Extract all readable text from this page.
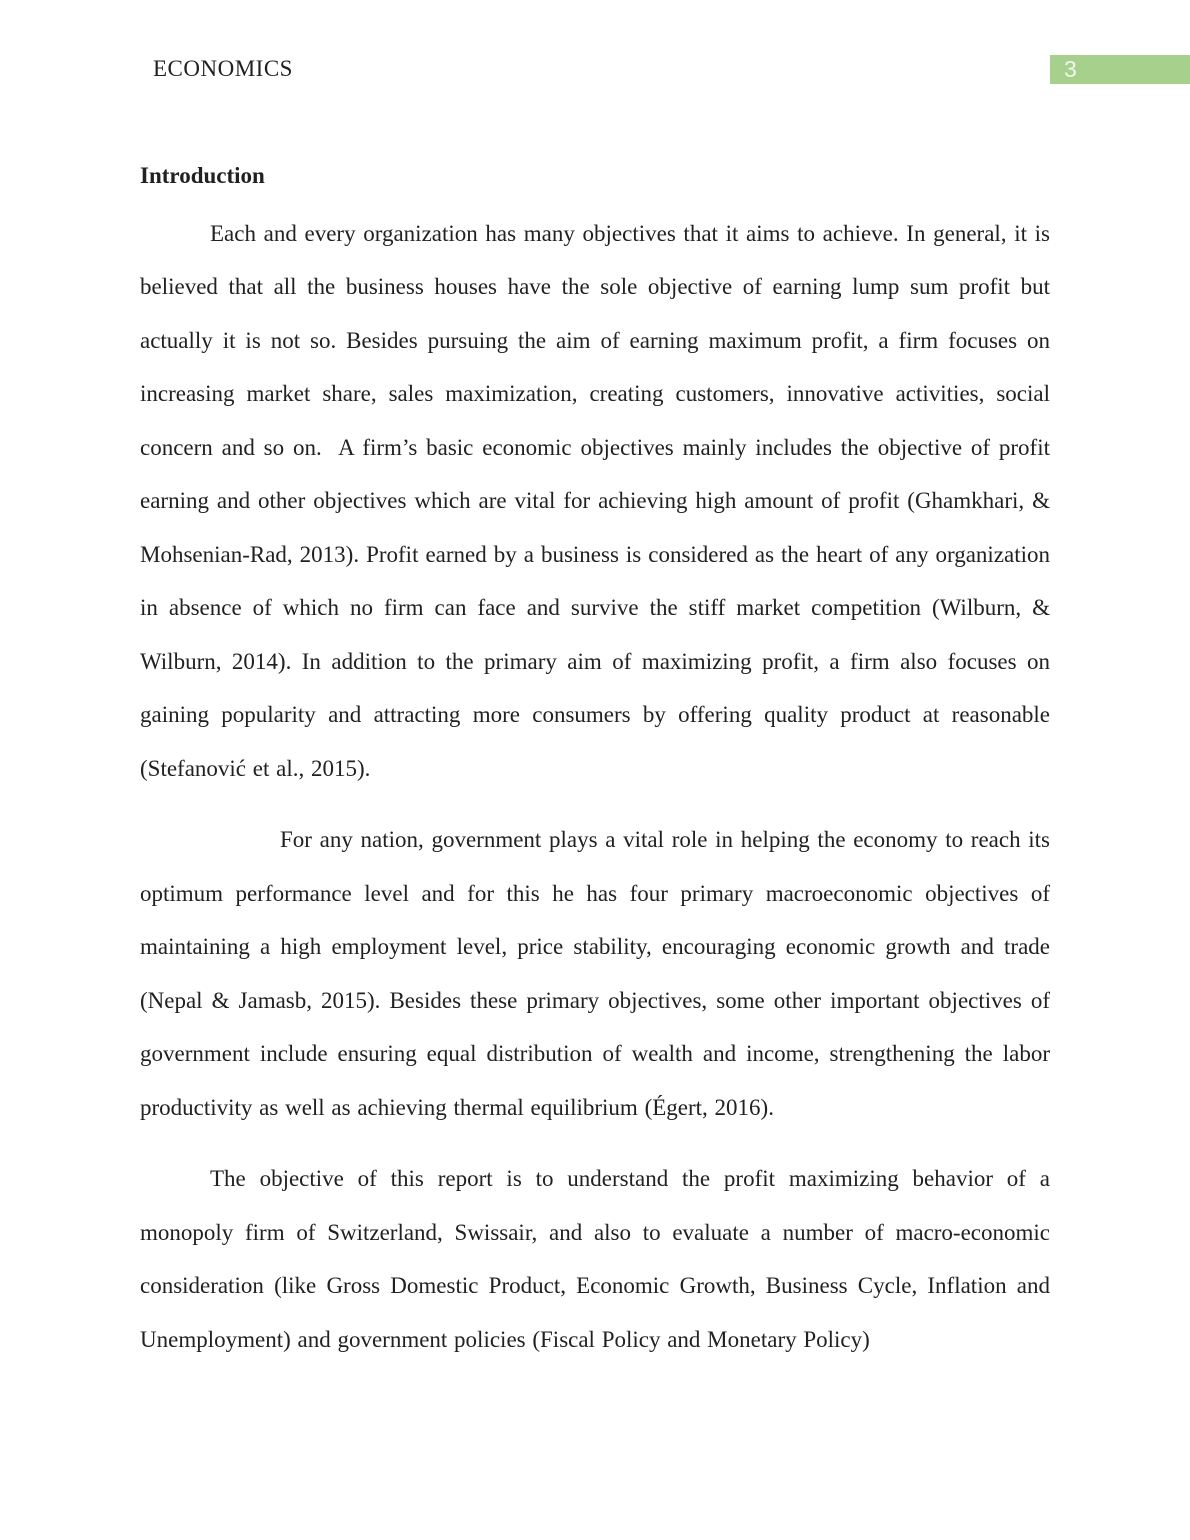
ECONOMICS	3
Introduction

Each and every organization has many objectives that it aims to achieve. In general, it is believed that all the business houses have the sole objective of earning lump sum profit but actually it is not so. Besides pursuing the aim of earning maximum profit, a firm focuses on increasing market share, sales maximization, creating customers, innovative activities, social concern and so on.  A firm’s basic economic objectives mainly includes the objective of profit earning and other objectives which are vital for achieving high amount of profit (Ghamkhari, & Mohsenian-Rad, 2013). Profit earned by a business is considered as the heart of any organization in absence of which no firm can face and survive the stiff market competition (Wilburn, & Wilburn, 2014). In addition to the primary aim of maximizing profit, a firm also focuses on gaining popularity and attracting more consumers by offering quality product at reasonable (Stefanović et al., 2015).

For any nation, government plays a vital role in helping the economy to reach its optimum performance level and for this he has four primary macroeconomic objectives of maintaining a high employment level, price stability, encouraging economic growth and trade (Nepal & Jamasb, 2015). Besides these primary objectives, some other important objectives of government include ensuring equal distribution of wealth and income, strengthening the labor productivity as well as achieving thermal equilibrium (Égert, 2016).

The objective of this report is to understand the profit maximizing behavior of a monopoly firm of Switzerland, Swissair, and also to evaluate a number of macro-economic consideration (like Gross Domestic Product, Economic Growth, Business Cycle, Inflation and Unemployment) and government policies (Fiscal Policy and Monetary Policy)
